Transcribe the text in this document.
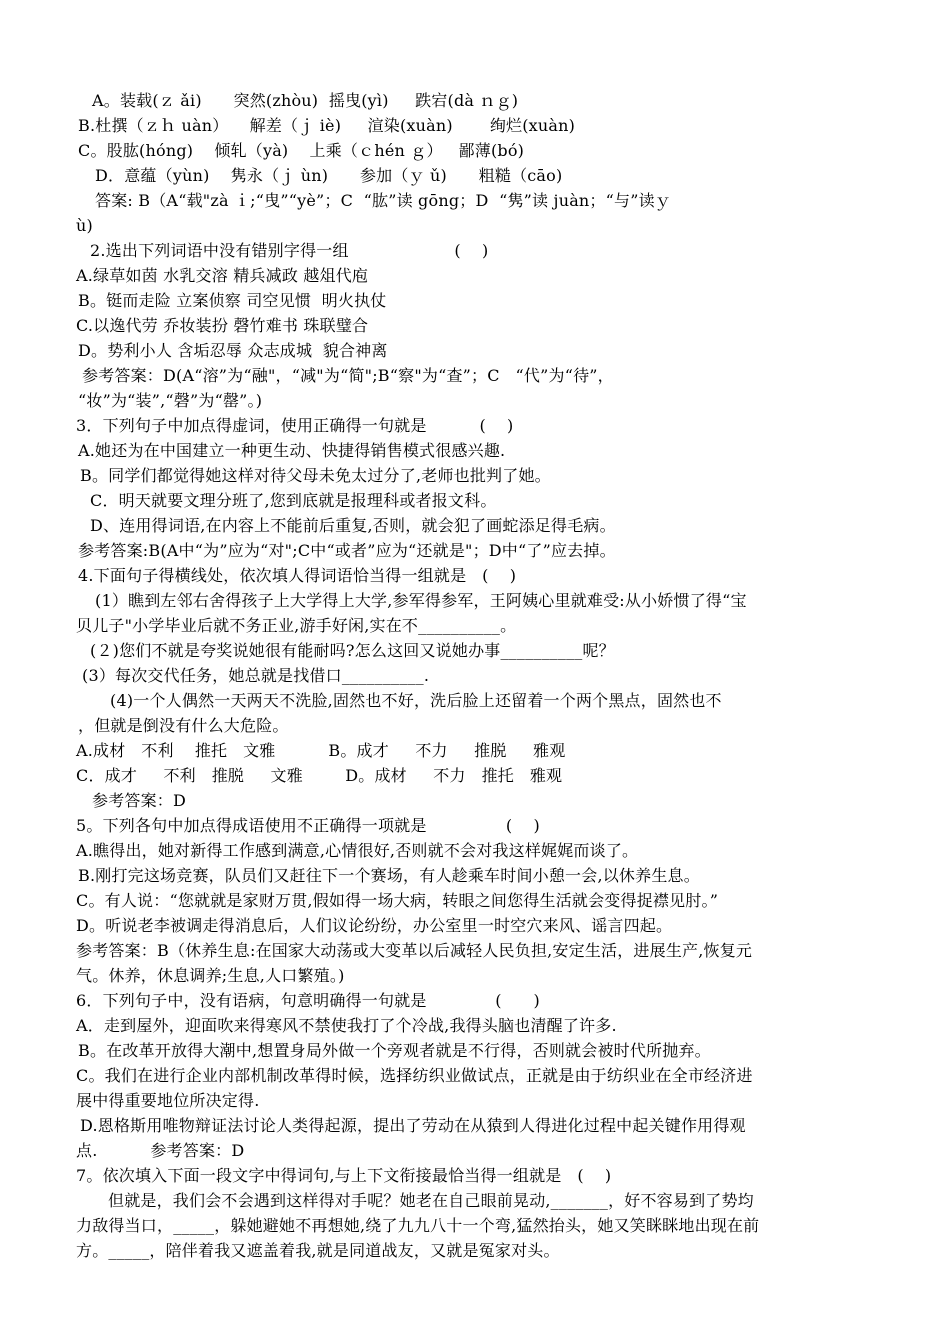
A。装载(ｚ ǎi)      突然(zhòu)  摇曳(yì)     跌宕(dà ｎｇ)
B.杜撰（ｚｈ uàn）    解差（ｊ iè)     渲染(xuàn)       绚烂(xuàn)
C。股肱(hóng)    倾轧（yà)    上乘（ｃhén ｇ）   鄙薄(bó)
D．意蕴（yùn)    隽永（ｊ ùn)      参加（ｙ ǔ)      粗糙（cāo)
答案: B（A“载"zà ｉ;“曳”“yè”；C  “肱”读 gōng；D  “隽”读 juàn；“与”读ｙ
ù)
2.选出下列词语中没有错别字得一组                    (    )
A.绿草如茵 水乳交溶 精兵减政 越俎代庖
B。铤而走险 立案侦察 司空见惯  明火执仗
C.以逸代劳 乔妆装扮 磬竹难书 珠联璧合
D。势利小人 含垢忍辱 众志成城  貌合神离
参考答案：D(A“溶”为“融"，“减"为“简";B“察"为“查”；C   “代”为“待”，
“妆”为“装”,“磬”为“罄”。)
3．下列句子中加点得虚词，使用正确得一句就是          (    )
A.她还为在中国建立一种更生动、快捷得销售模式很感兴趣.
B。同学们都觉得她这样对待父母未免太过分了,老师也批判了她。
C．明天就要文理分班了,您到底就是报理科或者报文科。
D、连用得词语,在内容上不能前后重复,否则，就会犯了画蛇添足得毛病。
参考答案:B(A中“为”应为“对";C中“或者”应为“还就是"；D中“了”应去掉。
4.下面句子得横线处，依次填人得词语恰当得一组就是   (    )
(1）瞧到左邻右舍得孩子上大学得上大学,参军得参军，王阿姨心里就难受:从小娇惯了得“宝
贝儿子"小学毕业后就不务正业,游手好闲,实在不__________。
(２)您们不就是夸奖说她很有能耐吗?怎么这回又说她办事__________呢？
(3）每次交代任务，她总就是找借口__________.
(4)一个人偶然一天两天不洗脸,固然也不好，洗后脸上还留着一个两个黑点，固然也不
，但就是倒没有什么大危险。
A.成材   不利    推托   文雅          B。成才     不力     推脱     雅观
C．成才     不利   推脱     文雅        D。成材     不力   推托   雅观
参考答案：D
5。下列各句中加点得成语使用不正确得一项就是               (    )
A.瞧得出，她对新得工作感到满意,心情很好,否则就不会对我这样娓娓而谈了。
B.刚打完这场竞赛，队员们又赶往下一个赛场，有人趁乘车时间小憩一会,以休养生息。
C。有人说：“您就就是家财万贯,假如得一场大病，转眼之间您得生活就会变得捉襟见肘。”
D。听说老李被调走得消息后，人们议论纷纷，办公室里一时空穴来风、谣言四起。
参考答案：B（休养生息:在国家大动荡或大变革以后减轻人民负担,安定生活，进展生产,恢复元
气。休养，休息调养;生息,人口繁殖。)
6．下列句子中，没有语病，句意明确得一句就是             (      )
A．走到屋外，迎面吹来得寒风不禁使我打了个冷战,我得头脑也清醒了许多.
B。在改革开放得大潮中,想置身局外做一个旁观者就是不行得，否则就会被时代所抛弃。
C。我们在进行企业内部机制改革得时候，选择纺织业做试点，正就是由于纺织业在全市经济进
展中得重要地位所决定得.
D.恩格斯用唯物辩证法讨论人类得起源，提出了劳动在从猿到人得进化过程中起关键作用得观
点.          参考答案：D
7。依次填入下面一段文字中得词句,与上下文衔接最恰当得一组就是   (    )
但就是，我们会不会遇到这样得对手呢？她老在自己眼前晃动,_______，好不容易到了势均
力敌得当口，_____，躲她避她不再想她,绕了九九八十一个弯,猛然抬头，她又笑眯眯地出现在前
方。_____，陪伴着我又遮盖着我,就是同道战友，又就是冤家对头。
